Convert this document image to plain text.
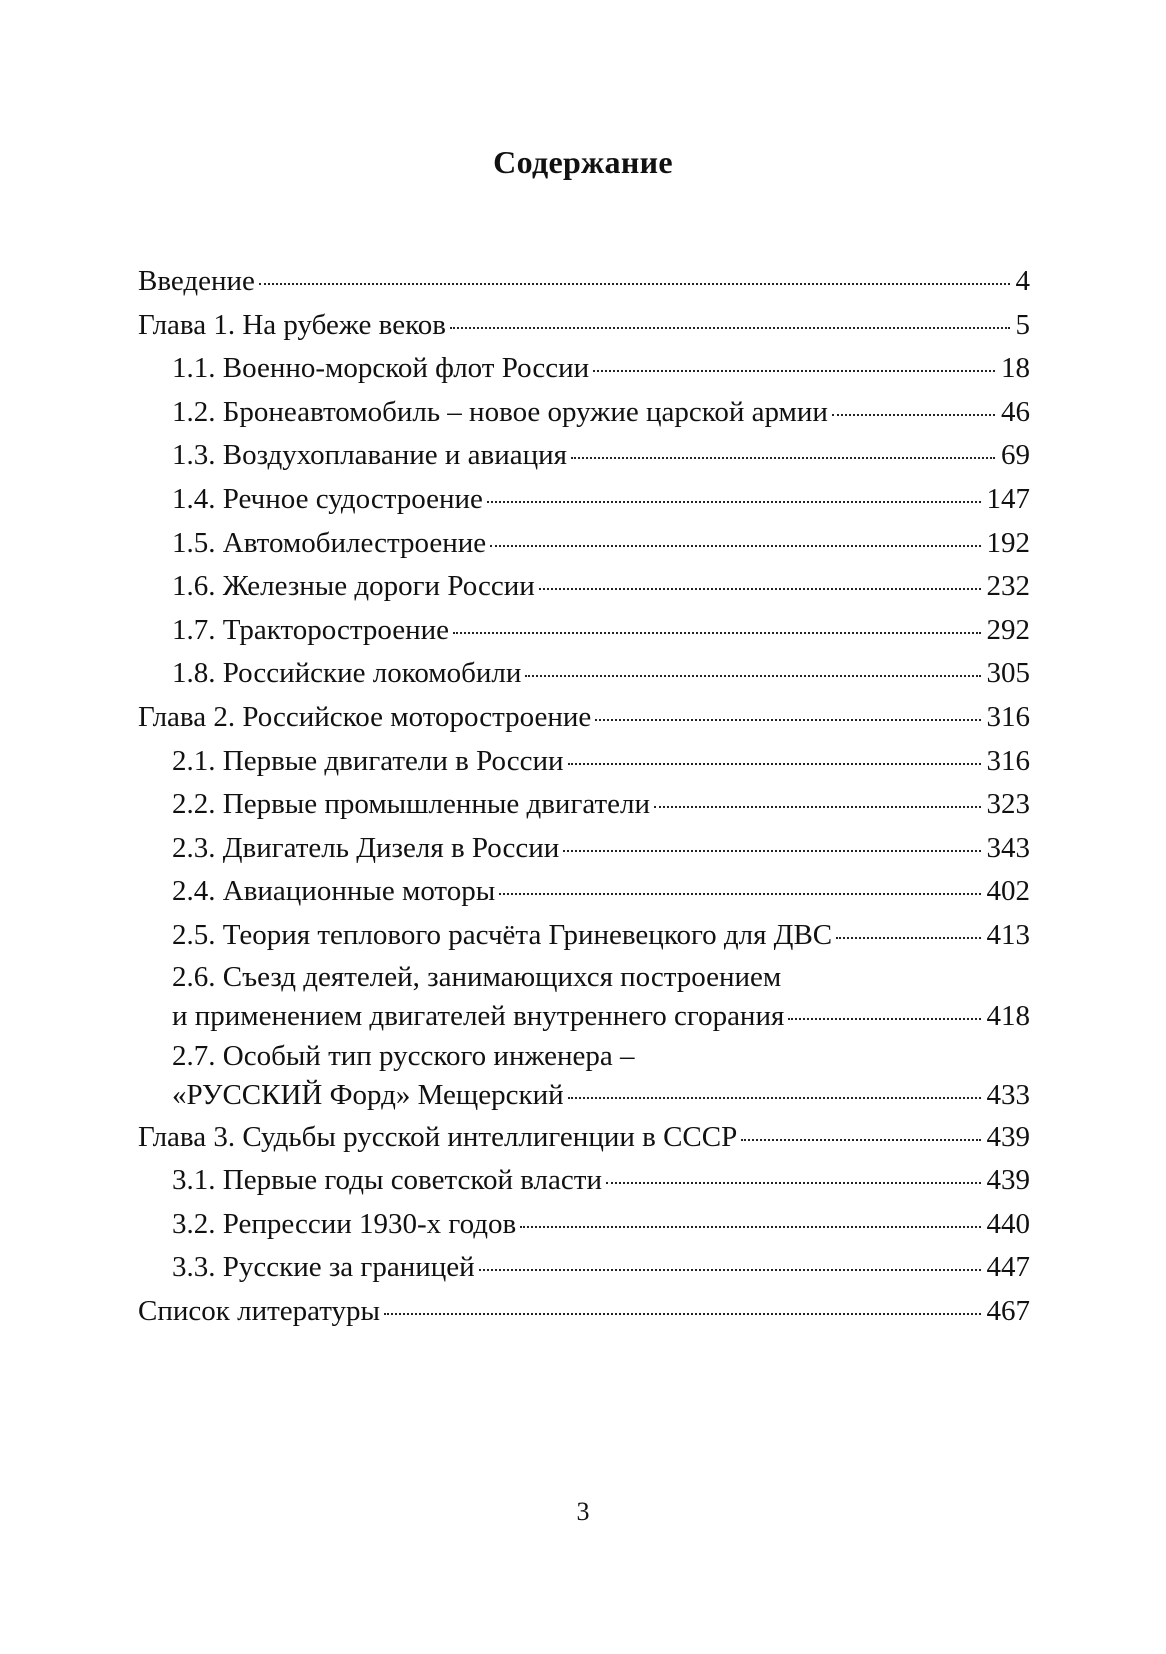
Содержание
Введение	4
Глава 1. На рубеже веков	5
1.1. Военно-морской флот России	18
1.2. Бронеавтомобиль – новое оружие царской армии	46
1.3. Воздухоплавание и авиация	69
1.4. Речное судостроение	147
1.5. Автомобилестроение	192
1.6. Железные дороги России	232
1.7. Тракторостроение	292
1.8. Российские локомобили	305
Глава 2. Российское моторостроение	316
2.1. Первые двигатели в России	316
2.2. Первые промышленные двигатели	323
2.3. Двигатель Дизеля в России	343
2.4. Авиационные моторы	402
2.5. Теория теплового расчёта Гриневецкого для ДВС	413
2.6. Съезд деятелей, занимающихся построением
и применением двигателей внутреннего сгорания	418
2.7. Особый тип русского инженера –
«РУССКИЙ Форд» Мещерский	433
Глава 3. Судьбы русской интеллигенции в СССР	439
3.1. Первые годы советской власти	439
3.2. Репрессии 1930-х годов	440
3.3. Русские за границей	447
Список литературы	467
3
